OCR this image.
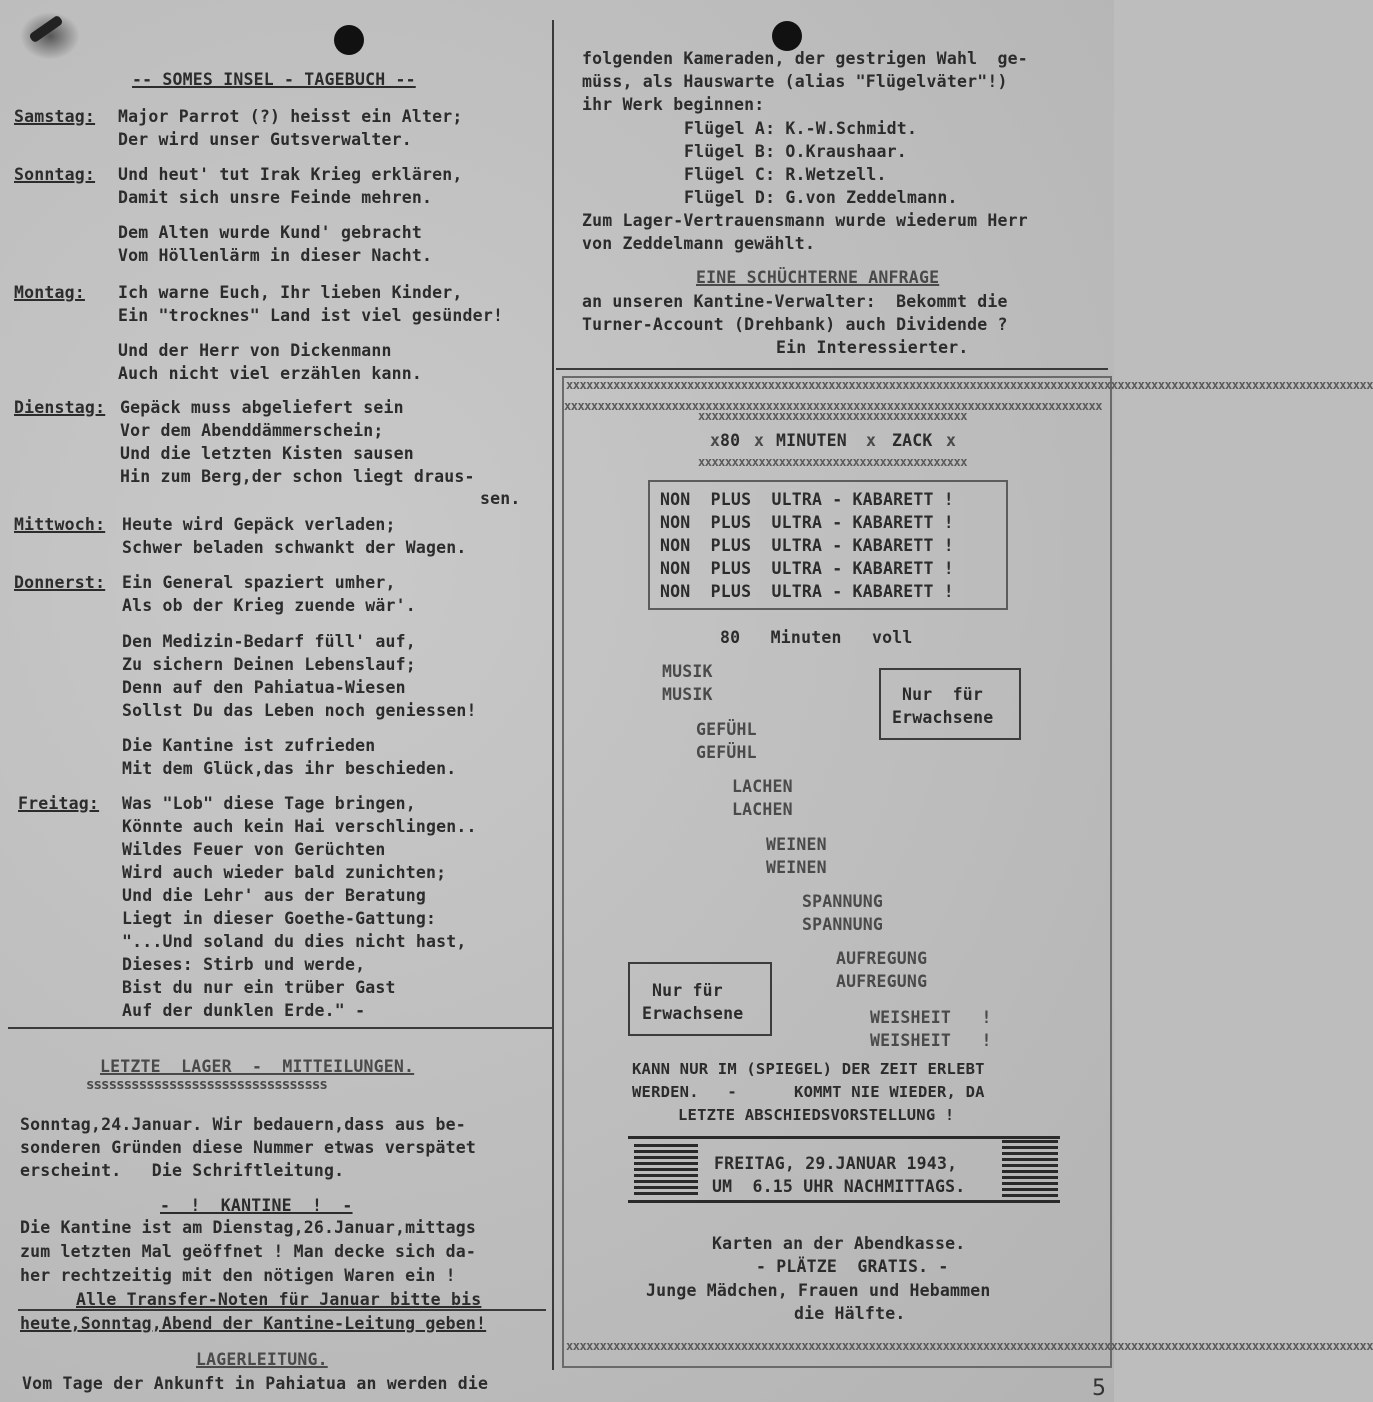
-- SOMES INSEL - TAGEBUCH --
Samstag: Major Parrot (?) heisst ein Alter;
Der wird unser Gutsverwalter.
Sonntag: Und heut' tut Irak Krieg erklären,
Damit sich unsre Feinde mehren.
Dem Alten wurde Kund' gebracht
Vom Höllenlärm in dieser Nacht.
Montag: Ich warne Euch, Ihr lieben Kinder,
Ein "trocknes" Land ist viel gesünder!
Und der Herr von Dickenmann
Auch nicht viel erzählen kann.
Dienstag: Gepäck muss abgeliefert sein
Vor dem Abenddämmerschein;
Und die letzten Kisten sausen
Hin zum Berg,der schon liegt draus-
sen.
Mittwoch: Heute wird Gepäck verladen;
Schwer beladen schwankt der Wagen.
Donnerst: Ein General spaziert umher,
Als ob der Krieg zuende wär'.
Den Medizin-Bedarf füll' auf,
Zu sichern Deinen Lebenslauf;
Denn auf den Pahiatua-Wiesen
Sollst Du das Leben noch geniessen!
Die Kantine ist zufrieden
Mit dem Glück,das ihr beschieden.
Freitag: Was "Lob" diese Tage bringen,
Könnte auch kein Hai verschlingen..
Wildes Feuer von Gerüchten
Wird auch wieder bald zunichten;
Und die Lehr' aus der Beratung
Liegt in dieser Goethe-Gattung:
"...Und soland du dies nicht hast,
Dieses: Stirb und werde,
Bist du nur ein trüber Gast
Auf der dunklen Erde." -
LETZTE  LAGER  -  MITTEILUNGEN.
ssssssssssssssssssssssssssssssss
Sonntag,24.Januar. Wir bedauern,dass aus be-
sonderen Gründen diese Nummer etwas verspätet
erscheint.   Die Schriftleitung.
-  !  KANTINE  !  -
Die Kantine ist am Dienstag,26.Januar,mittags
zum letzten Mal geöffnet ! Man decke sich da-
her rechtzeitig mit den nötigen Waren ein !
Alle Transfer-Noten für Januar bitte bis
heute,Sonntag,Abend der Kantine-Leitung geben!
LAGERLEITUNG.
Vom Tage der Ankunft in Pahiatua an werden die
folgenden Kameraden, der gestrigen Wahl  ge-
müss, als Hauswarte (alias "Flügelväter"!)
ihr Werk beginnen:
Flügel A: K.-W.Schmidt.
Flügel B: O.Kraushaar.
Flügel C: R.Wetzell.
Flügel D: G.von Zeddelmann.
Zum Lager-Vertrauensmann wurde wiederum Herr
von Zeddelmann gewählt.
EINE SCHÜCHTERNE ANFRAGE
an unseren Kantine-Verwalter:  Bekommt die
Turner-Account (Drehbank) auch Dividende ?
Ein Interessierter.
xxxxxxxxxxxxxxxxxxxxxxxxxxxxxxxxxxxxxxxxxxxxxxxxxxxxxxxxxxxxxxxxxxxxxxxxxxxxxxxxxxxxxxxxxxxxxxxxxxxxxxxxxxxxxxxxxxxxxxxx
xxxxxxxxxxxxxxxxxxxxxxxxxxxxxxxxxxxxxxxxxxxxxxxxxxxxxxxxxxxxxxxxxxxxxxxxxxxxxxxxxxxxxxxxxxxxxxxxxxxxxxxxxxxxxxxxxxxxxxxx
xxxxxxxxxxxxxxxxxxxxxxxxxxxxxxxxxxxxxxxxxxxxxxxxxxxxxxxxxxxxxxxxxxxxxxxxxxxxxxxx
xxxxxxxxxxxxxxxxxxxxxxxxxxxxxxxxxxxxxxxx
xxxxxxxxxxxxxxxxxxxxxxxxxxxxxxxxxxxxxxxx
x 80 x MINUTEN x ZACK x
NON  PLUS  ULTRA - KABARETT !
NON  PLUS  ULTRA - KABARETT !
NON  PLUS  ULTRA - KABARETT !
NON  PLUS  ULTRA - KABARETT !
NON  PLUS  ULTRA - KABARETT !
80   Minuten   voll
MUSIK
MUSIK
GEFÜHL
GEFÜHL
LACHEN
LACHEN
WEINEN
WEINEN
SPANNUNG
SPANNUNG
AUFREGUNG
AUFREGUNG
WEISHEIT   !
WEISHEIT   !
Nur  für
Erwachsene
Nur für
Erwachsene
KANN NUR IM (SPIEGEL) DER ZEIT ERLEBT
WERDEN.   -      KOMMT NIE WIEDER, DA
LETZTE ABSCHIEDSVORSTELLUNG !
FREITAG, 29.JANUAR 1943,
UM  6.15 UHR NACHMITTAGS.
Karten an der Abendkasse.
- PLÄTZE  GRATIS. -
Junge Mädchen, Frauen und Hebammen
die Hälfte.
5
